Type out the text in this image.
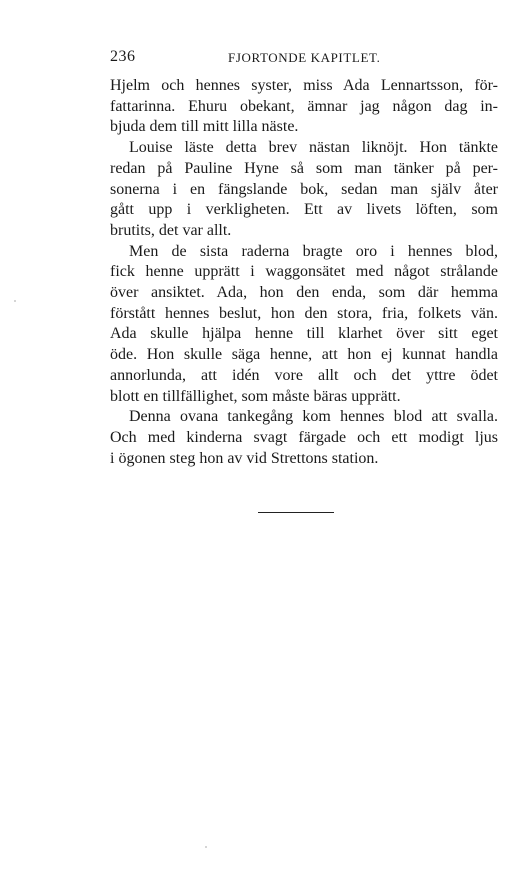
236	FJORTONDE KAPITLET.

Hjelm och hennes syster, miss Ada Lennartsson, för-
fattarinna. Ehuru obekant, ämnar jag någon dag in-
bjuda dem till mitt lilla näste.

Louise läste detta brev nästan liknöjt. Hon tänkte
redan på Pauline Hyne så som man tänker på per-
sonerna i en fängslande bok, sedan man själv åter
gått upp i verkligheten. Ett av livets löften, som
brutits, det var allt.

Men de sista raderna bragte oro i hennes blod,
fick henne upprätt i waggonsätet med något strålande
över ansiktet. Ada, hon den enda, som där hemma
förstått hennes beslut, hon den stora, fria, folkets vän.
Ada skulle hjälpa henne till klarhet över sitt eget
öde. Hon skulle säga henne, att hon ej kunnat handla
annorlunda, att idén vore allt och det yttre ödet
blott en tillfällighet, som måste bäras upprätt.

Denna ovana tankegång kom hennes blod att svalla.
Och med kinderna svagt färgade och ett modigt ljus
i ögonen steg hon av vid Strettons station.
